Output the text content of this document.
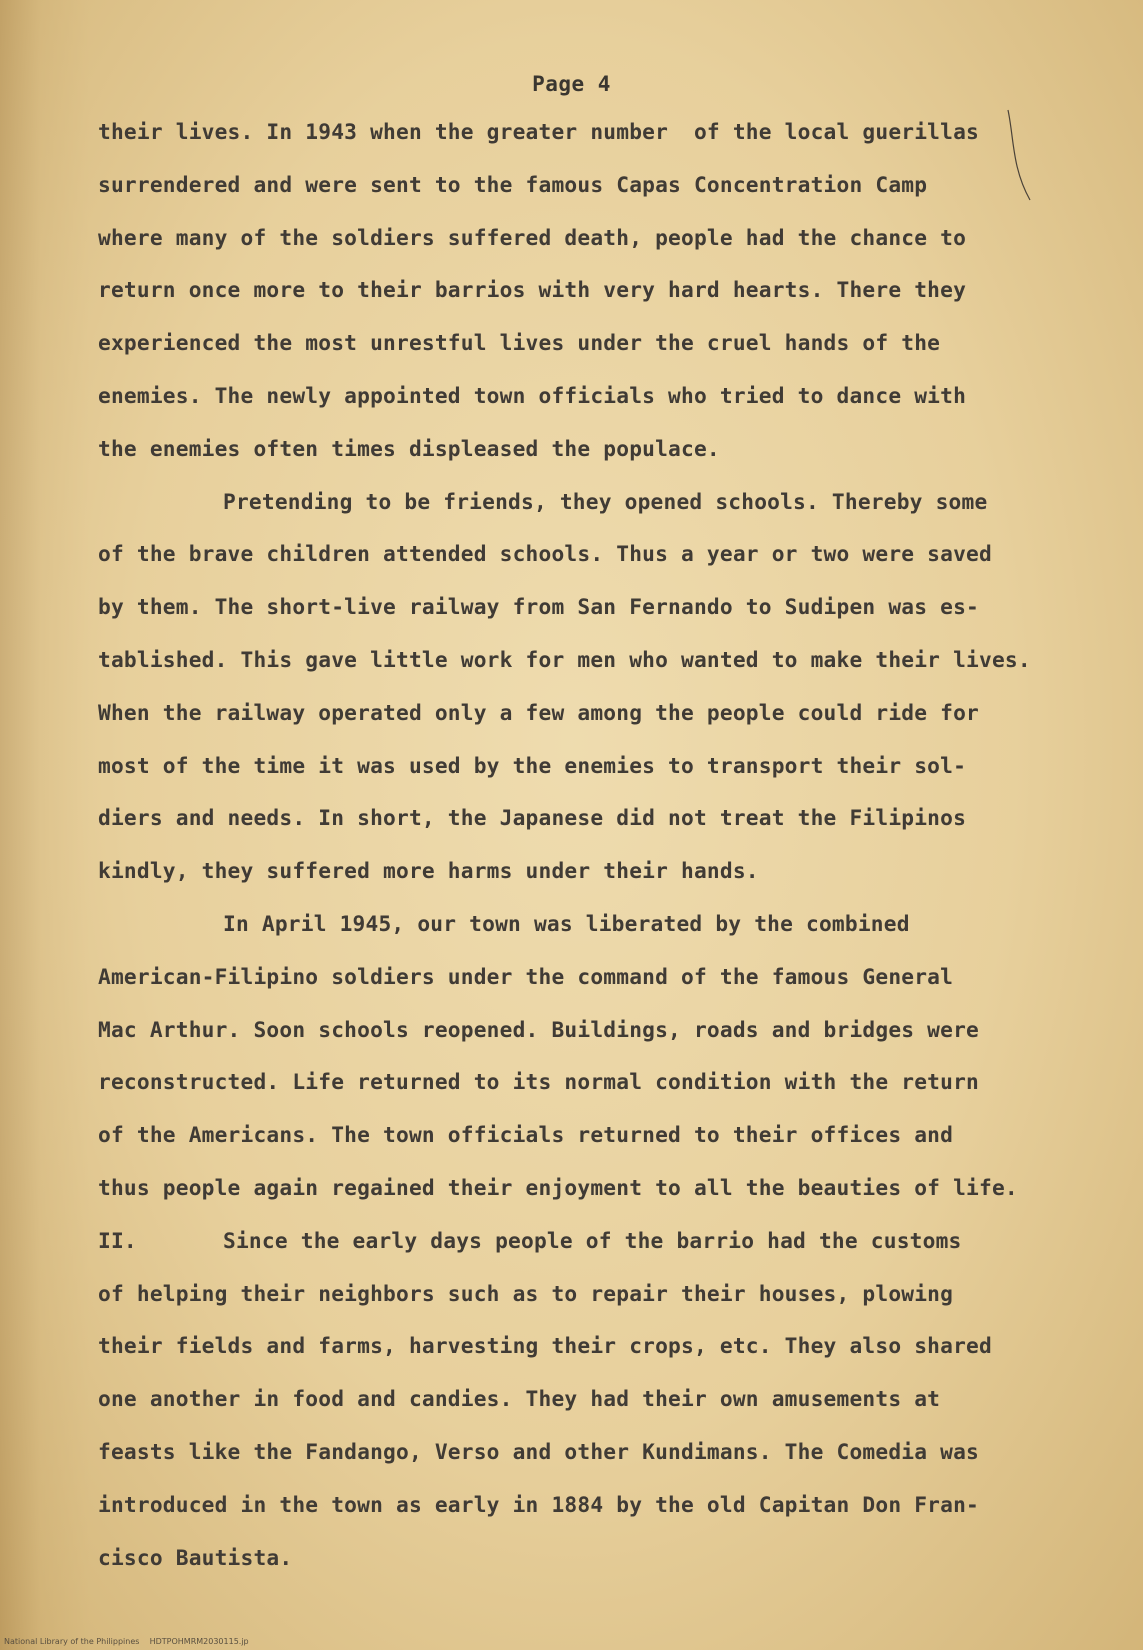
Page 4
their lives. In 1943 when the greater number  of the local guerillas
surrendered and were sent to the famous Capas Concentration Camp
where many of the soldiers suffered death, people had the chance to
return once more to their barrios with very hard hearts. There they
experienced the most unrestful lives under the cruel hands of the
enemies. The newly appointed town officials who tried to dance with
the enemies often times displeased the populace.
Pretending to be friends, they opened schools. Thereby some
of the brave children attended schools. Thus a year or two were saved
by them. The short-live railway from San Fernando to Sudipen was es-
tablished. This gave little work for men who wanted to make their lives.
When the railway operated only a few among the people could ride for
most of the time it was used by the enemies to transport their sol-
diers and needs. In short, the Japanese did not treat the Filipinos
kindly, they suffered more harms under their hands.
In April 1945, our town was liberated by the combined
American-Filipino soldiers under the command of the famous General
Mac Arthur. Soon schools reopened. Buildings, roads and bridges were
reconstructed. Life returned to its normal condition with the return
of the Americans. The town officials returned to their offices and
thus people again regained their enjoyment to all the beauties of life.
II.	Since the early days people of the barrio had the customs
of helping their neighbors such as to repair their houses, plowing
their fields and farms, harvesting their crops, etc. They also shared
one another in food and candies. They had their own amusements at
feasts like the Fandango, Verso and other Kundimans. The Comedia was
introduced in the town as early in 1884 by the old Capitan Don Fran-
cisco Bautista.
National Library of the Philippines    HDTPOHMRM2030115.jp
